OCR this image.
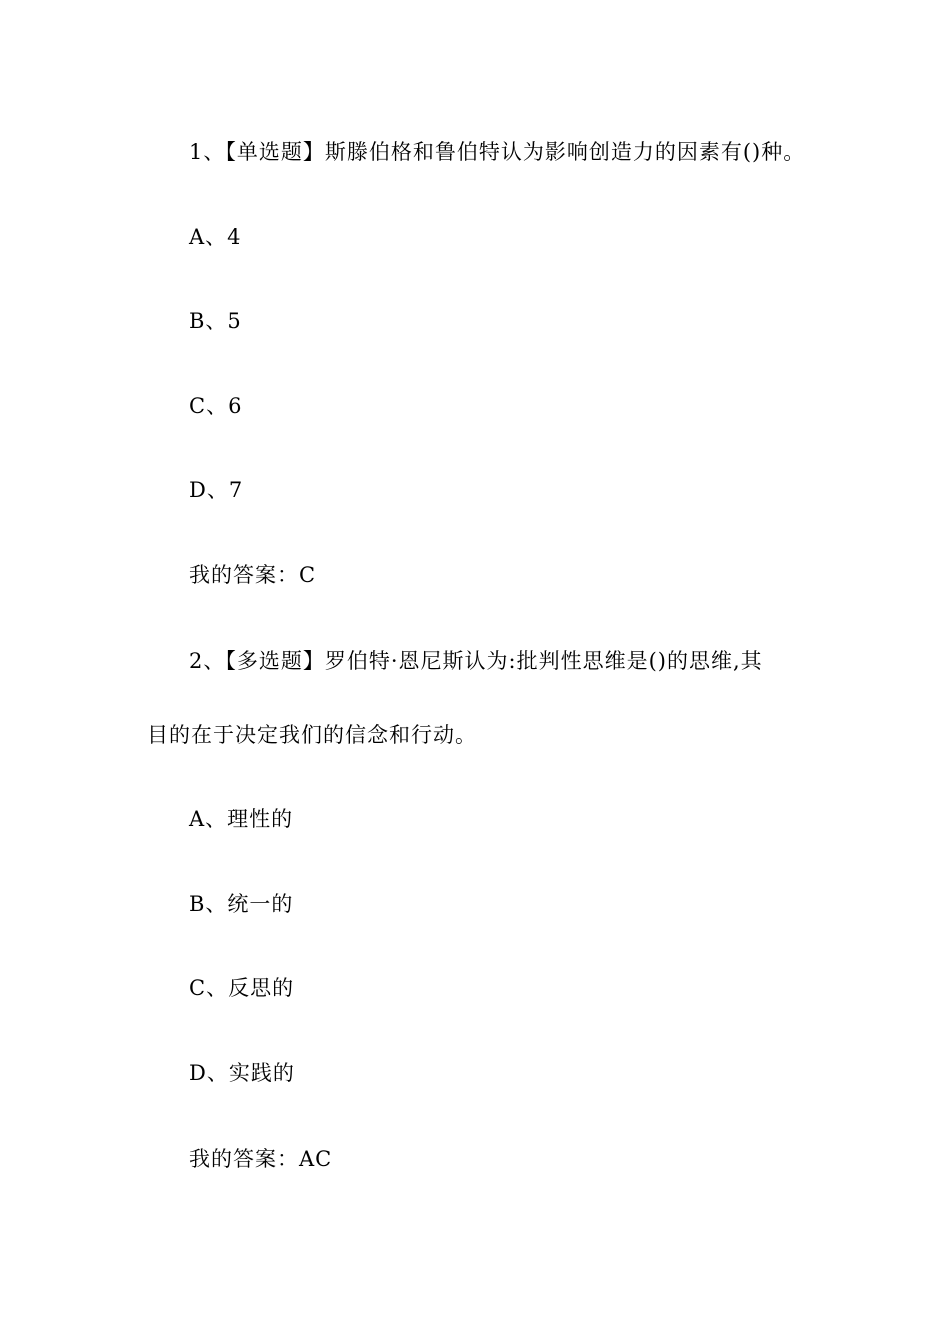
1、【单选题】斯滕伯格和鲁伯特认为影响创造力的因素有()种。
A、4
B、5
C、6
D、7
我的答案：C
2、【多选题】罗伯特·恩尼斯认为:批判性思维是()的思维,其
目的在于决定我们的信念和行动。
A、理性的
B、统一的
C、反思的
D、实践的
我的答案：AC
